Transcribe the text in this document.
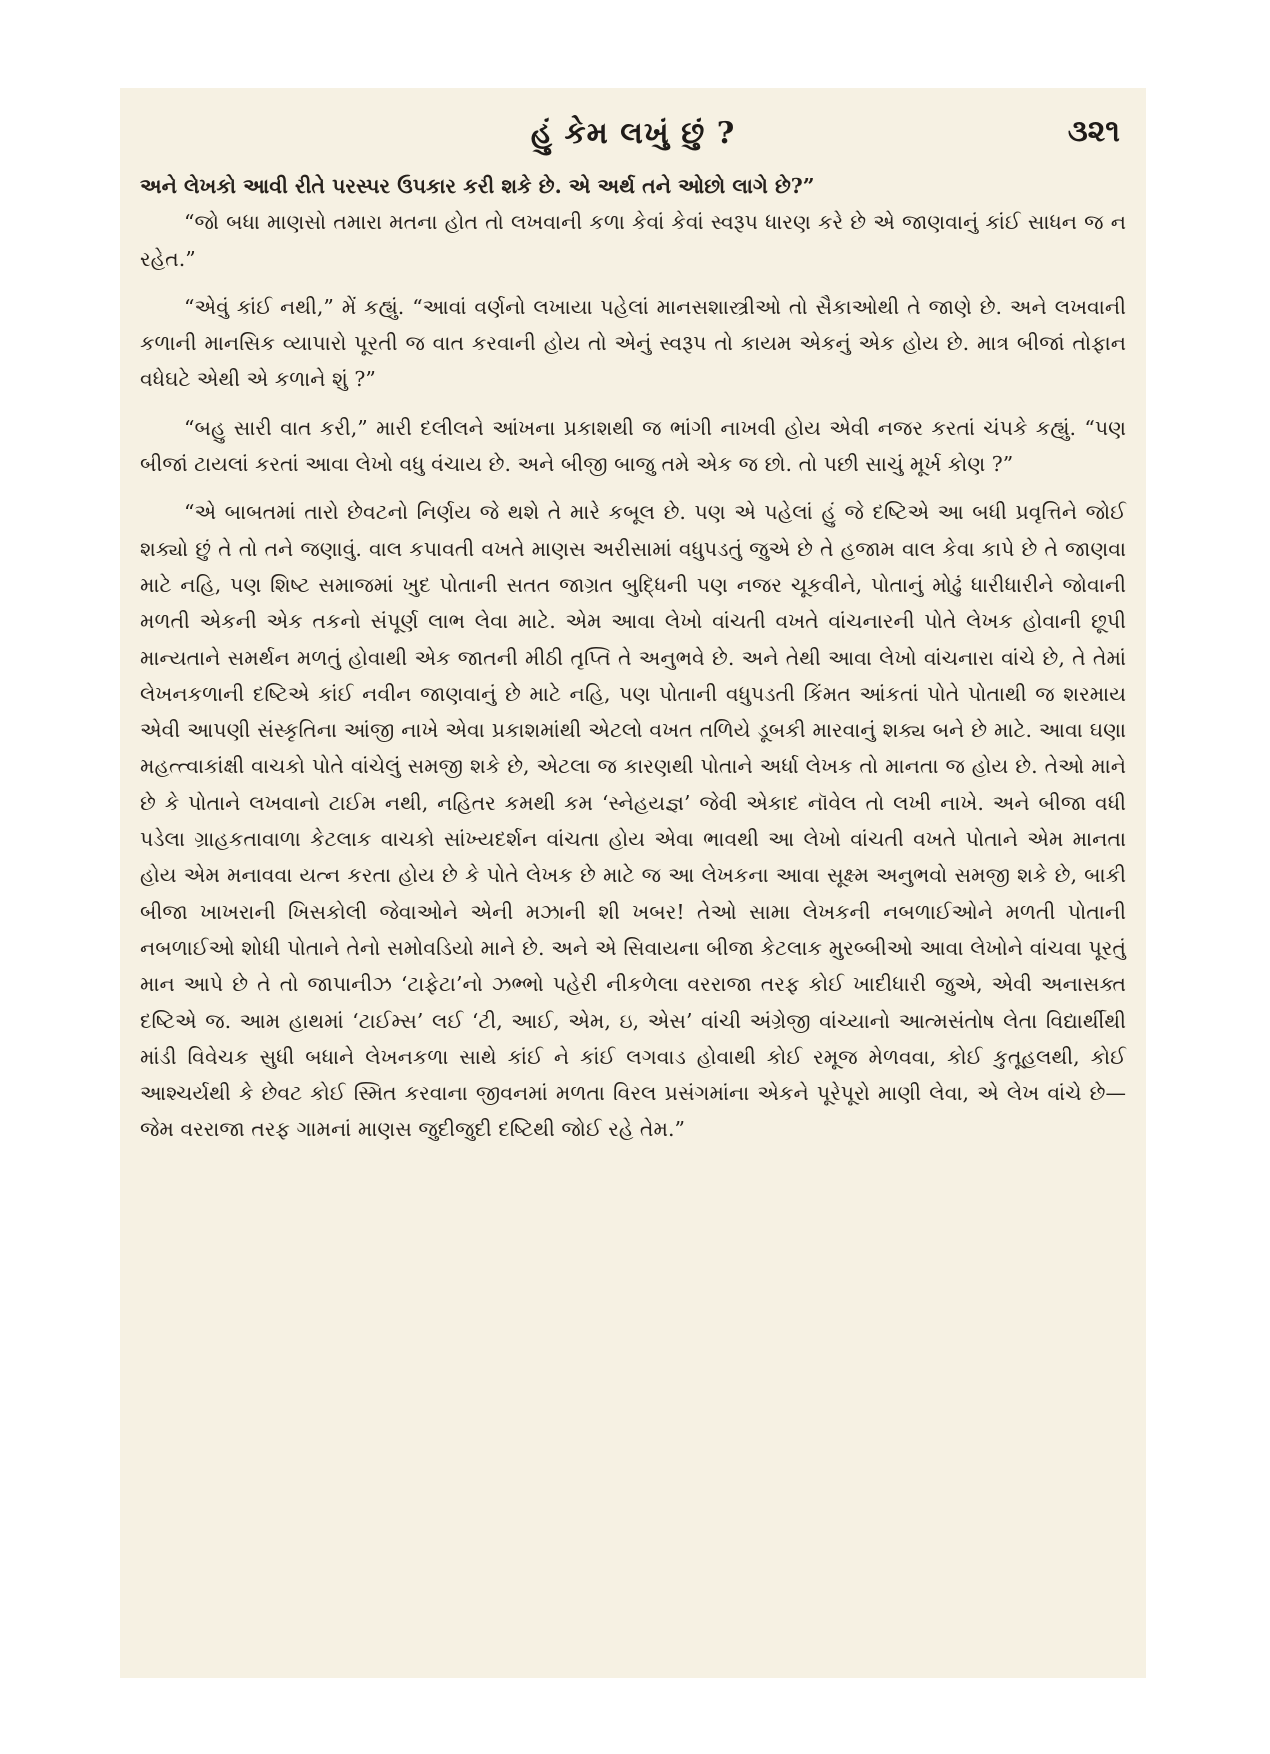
હું કેમ લખું છું ?	૩૨૧

અને લેખકો આવી રીતે પરસ્પર ઉપકાર કરી શકે છે. એ અર્થ તને ઓછો લાગે છે?”

“જો બધા માણસો તમારા મતના હોત તો લખવાની કળા કેવાં કેવાં સ્વરૂપ ધારણ કરે છે એ જાણવાનું કાંઈ સાધન જ ન રહેત.”

“એવું કાંઈ નથી,” મેં કહ્યું. “આવાં વર્ણનો લખાયા પહેલાં માનસશાસ્ત્રીઓ તો સૈકાઓથી તે જાણે છે. અને લખવાની કળાની માનસિક વ્યાપારો પૂરતી જ વાત કરવાની હોય તો એનું સ્વરૂપ તો કાયમ એકનું એક હોય છે. માત્ર બીજાં તોફાન વધેઘટે એથી એ કળાને શું ?”

“બહુ સારી વાત કરી,” મારી દલીલને આંખના પ્રકાશથી જ ભાંગી નાખવી હોય એવી નજર કરતાં ચંપકે કહ્યું. “પણ બીજાં ટાયલાં કરતાં આવા લેખો વધુ વંચાય છે. અને બીજી બાજુ તમે એક જ છો. તો પછી સાચું મૂર્ખ કોણ ?”

“એ બાબતમાં તારો છેવટનો નિર્ણય જે થશે તે મારે કબૂલ છે. પણ એ પહેલાં હું જે દષ્ટિએ આ બધી પ્રવૃત્તિને જોઈ શક્યો છું તે તો તને જણાવું. વાલ કપાવતી વખતે માણસ અરીસામાં વધુપડતું જુએ છે તે હજામ વાલ કેવા કાપે છે તે જાણવા માટે નહિ, પણ શિષ્ટ સમાજમાં ખુદ પોતાની સતત જાગ્રત બુદ્ધિની પણ નજર ચૂકવીને, પોતાનું મોઢું ધારીધારીને જોવાની મળતી એકની એક તકનો સંપૂર્ણ લાભ લેવા માટે. એમ આવા લેખો વાંચતી વખતે વાંચનારની પોતે લેખક હોવાની છૂપી માન્યતાને સમર્થન મળતું હોવાથી એક જાતની મીઠી તૃપ્તિ તે અનુભવે છે. અને તેથી આવા લેખો વાંચનારા વાંચે છે, તે તેમાં લેખનકળાની દષ્ટિએ કાંઈ નવીન જાણવાનું છે માટે નહિ, પણ પોતાની વધુપડતી કિંમત આંકતાં પોતે પોતાથી જ શરમાય એવી આપણી સંસ્કૃતિના આંજી નાખે એવા પ્રકાશમાંથી એટલો વખત તળિયે ડૂબકી મારવાનું શક્ય બને છે માટે. આવા ઘણા મહત્ત્વાકાંક્ષી વાચકો પોતે વાંચેલું સમજી શકે છે, એટલા જ કારણથી પોતાને અર્ધા લેખક તો માનતા જ હોય છે. તેઓ માને છે કે પોતાને લખવાનો ટાઈમ નથી, નહિતર કમથી કમ ‘સ્નેહયજ્ઞ’ જેવી એકાદ નૉવેલ તો લખી નાખે. અને બીજા વધી પડેલા ગ્રાહકતાવાળા કેટલાક વાચકો સાંખ્યદર્શન વાંચતા હોય એવા ભાવથી આ લેખો વાંચતી વખતે પોતાને એમ માનતા હોય એમ મનાવવા યત્ન કરતા હોય છે કે પોતે લેખક છે માટે જ આ લેખકના આવા સૂક્ષ્મ અનુભવો સમજી શકે છે, બાકી બીજા ખાખરાની ખિસકોલી જેવાઓને એની મઝાની શી ખબર! તેઓ સામા લેખકની નબળાઈઓને મળતી પોતાની નબળાઈઓ શોધી પોતાને તેનો સમોવડિયો માને છે. અને એ સિવાયના બીજા કેટલાક મુરબ્બીઓ આવા લેખોને વાંચવા પૂરતું માન આપે છે તે તો જાપાનીઝ ‘ટાફેટા’નો ઝભ્ભો પહેરી નીકળેલા વરરાજા તરફ કોઈ ખાદીધારી જુએ, એવી અનાસક્ત દષ્ટિએ જ. આમ હાથમાં ‘ટાઈમ્સ’ લઈ ‘ટી, આઈ, એમ, ઇ, એસ’ વાંચી અંગ્રેજી વાંચ્યાનો આત્મસંતોષ લેતા વિદ્યાર્થીથી માંડી વિવેચક સુધી બધાને લેખનકળા સાથે કાંઈ ને કાંઈ લગવાડ હોવાથી કોઈ રમૂજ મેળવવા, કોઈ કુતૂહલથી, કોઈ આશ્ચર્યથી કે છેવટ કોઈ સ્મિત કરવાના જીવનમાં મળતા વિરલ પ્રસંગમાંના એકને પૂરેપૂરો માણી લેવા, એ લેખ વાંચે છે—જેમ વરરાજા તરફ ગામનાં માણસ જુદીજુદી દષ્ટિથી જોઈ રહે તેમ.”
